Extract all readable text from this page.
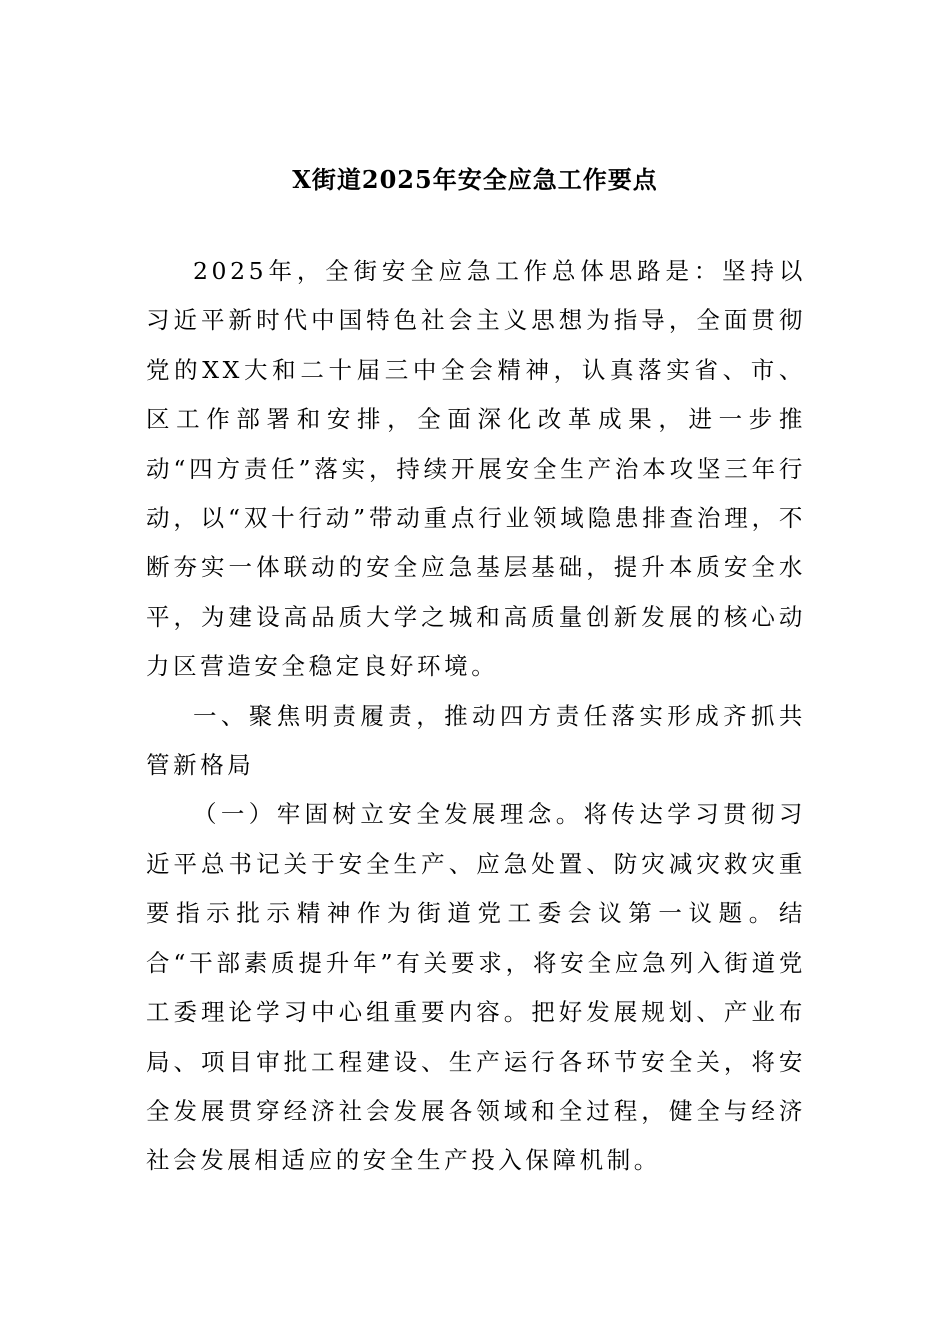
X街道2025年安全应急工作要点

2025年，全街安全应急工作总体思路是：坚持以习近平新时代中国特色社会主义思想为指导，全面贯彻党的XX大和二十届三中全会精神，认真落实省、市、区工作部署和安排，全面深化改革成果，进一步推动“四方责任”落实，持续开展安全生产治本攻坚三年行动，以“双十行动”带动重点行业领域隐患排查治理，不断夯实一体联动的安全应急基层基础，提升本质安全水平，为建设高品质大学之城和高质量创新发展的核心动力区营造安全稳定良好环境。

一、聚焦明责履责，推动四方责任落实形成齐抓共管新格局

（一）牢固树立安全发展理念。将传达学习贯彻习近平总书记关于安全生产、应急处置、防灾减灾救灾重要指示批示精神作为街道党工委会议第一议题。结合“干部素质提升年”有关要求，将安全应急列入街道党工委理论学习中心组重要内容。把好发展规划、产业布局、项目审批工程建设、生产运行各环节安全关，将安全发展贯穿经济社会发展各领域和全过程，健全与经济社会发展相适应的安全生产投入保障机制。
